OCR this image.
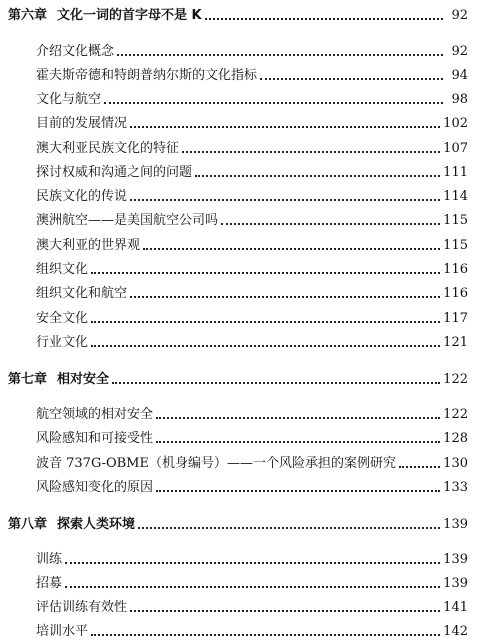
第六章 文化一词的首字母不是 K	92
介绍文化概念	92
霍夫斯帝德和特朗普纳尔斯的文化指标	94
文化与航空	98
目前的发展情况	102
澳大利亚民族文化的特征	107
探讨权威和沟通之间的问题	111
民族文化的传说	114
澳洲航空——是美国航空公司吗	115
澳大利亚的世界观	115
组织文化	116
组织文化和航空	116
安全文化	117
行业文化	121
第七章 相对安全	122
航空领域的相对安全	122
风险感知和可接受性	128
波音 737G-OBME（机身编号）——一个风险承担的案例研究	130
风险感知变化的原因	133
第八章 探索人类环境	139
训练	139
招募	139
评估训练有效性	141
培训水平	142
